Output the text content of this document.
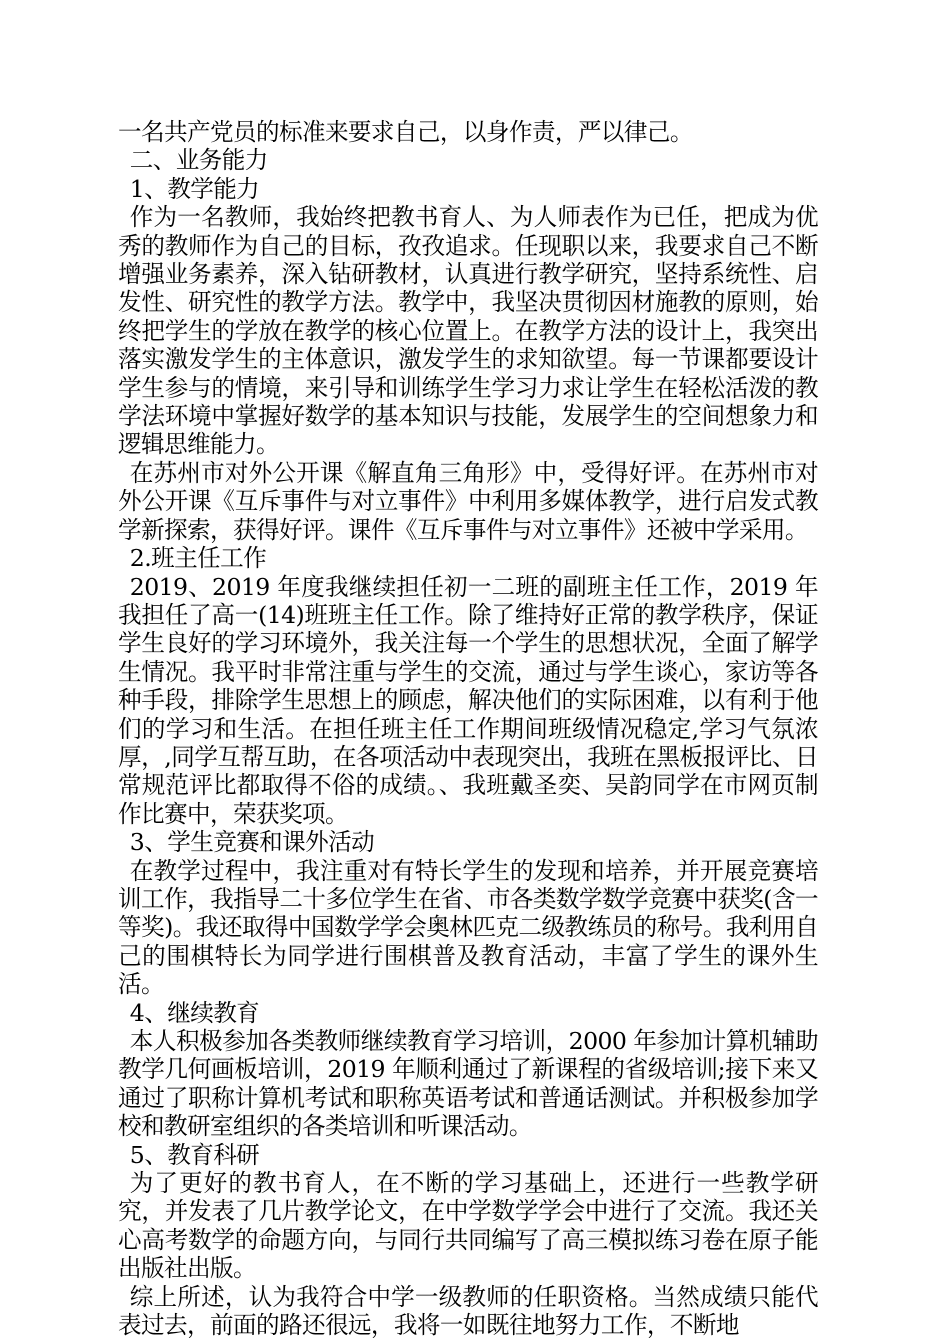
一名共产党员的标准来要求自己，以身作责，严以律己。

二、业务能力

1、教学能力

作为一名教师，我始终把教书育人、为人师表作为已任，把成为优秀的教师作为自己的目标，孜孜追求。任现职以来，我要求自己不断增强业务素养，深入钻研教材，认真进行教学研究，坚持系统性、启发性、研究性的教学方法。教学中，我坚决贯彻因材施教的原则，始终把学生的学放在教学的核心位置上。在教学方法的设计上，我突出落实激发学生的主体意识，激发学生的求知欲望。每一节课都要设计学生参与的情境，来引导和训练学生学习力求让学生在轻松活泼的教学法环境中掌握好数学的基本知识与技能，发展学生的空间想象力和逻辑思维能力。

在苏州市对外公开课《解直角三角形》中，受得好评。在苏州市对外公开课《互斥事件与对立事件》中利用多媒体教学，进行启发式教学新探索，获得好评。课件《互斥事件与对立事件》还被中学采用。

2.班主任工作

2019、2019 年度我继续担任初一二班的副班主任工作，2019 年我担任了高一(14)班班主任工作。除了维持好正常的教学秩序，保证学生良好的学习环境外，我关注每一个学生的思想状况，全面了解学生情况。我平时非常注重与学生的交流，通过与学生谈心，家访等各种手段，排除学生思想上的顾虑，解决他们的实际困难，以有利于他们的学习和生活。在担任班主任工作期间班级情况稳定,学习气氛浓厚，,同学互帮互助，在各项活动中表现突出，我班在黑板报评比、日常规范评比都取得不俗的成绩。、我班戴圣奕、吴韵同学在市网页制作比赛中，荣获奖项。

3、学生竞赛和课外活动

在教学过程中，我注重对有特长学生的发现和培养，并开展竞赛培训工作，我指导二十多位学生在省、市各类数学数学竞赛中获奖(含一等奖)。我还取得中国数学学会奥林匹克二级教练员的称号。我利用自己的围棋特长为同学进行围棋普及教育活动，丰富了学生的课外生活。

4、继续教育

本人积极参加各类教师继续教育学习培训，2000 年参加计算机辅助教学几何画板培训，2019 年顺利通过了新课程的省级培训;接下来又通过了职称计算机考试和职称英语考试和普通话测试。并积极参加学校和教研室组织的各类培训和听课活动。

5、教育科研

为了更好的教书育人，在不断的学习基础上，还进行一些教学研究，并发表了几片教学论文，在中学数学学会中进行了交流。我还关心高考数学的命题方向，与同行共同编写了高三模拟练习卷在原子能出版社出版。

综上所述，认为我符合中学一级教师的任职资格。当然成绩只能代表过去，前面的路还很远，我将一如既往地努力工作，不断地
